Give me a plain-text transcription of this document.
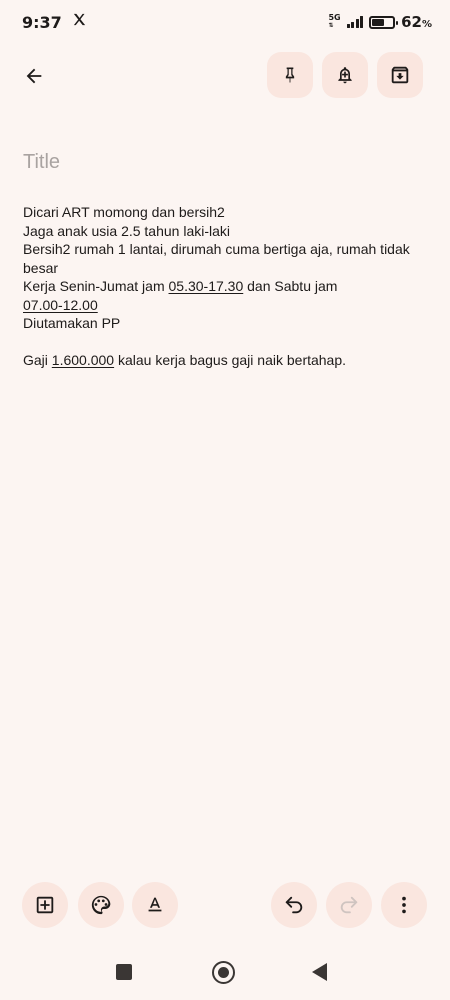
9:37	5G
⇅	62%
Title
Dicari ART momong dan bersih2
Jaga anak usia 2.5 tahun laki-laki
Bersih2 rumah 1 lantai, dirumah cuma bertiga aja, rumah tidak
besar
Kerja Senin-Jumat jam 05.30-17.30 dan Sabtu jam
07.00-12.00
Diutamakan PP
Gaji 1.600.000 kalau kerja bagus gaji naik bertahap.
